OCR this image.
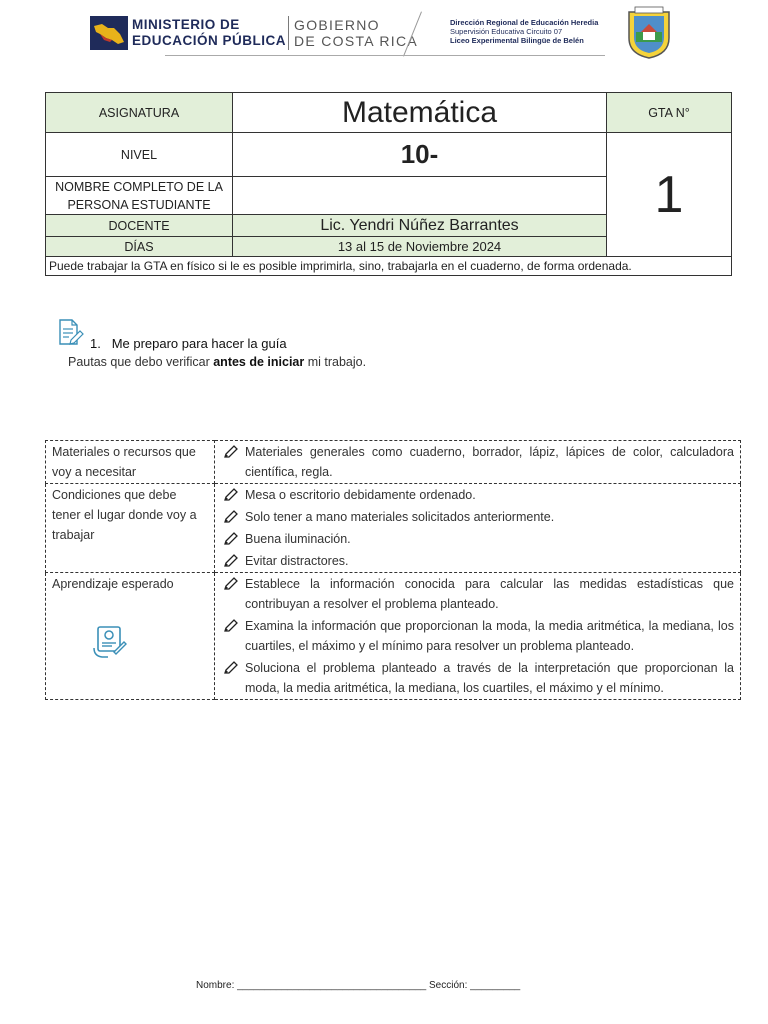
MINISTERIO DE
EDUCACIÓN PÚBLICA
GOBIERNO
DE COSTA RICA
Dirección Regional de Educación Heredia
Supervisión Educativa Circuito 07
Liceo Experimental Bilingüe de Belén
ASIGNATURA	Matemática	GTA N°
NIVEL	10-	1

NOMBRE COMPLETO DE LA
PERSONA ESTUDIANTE		

DOCENTE	Lic. Yendri Núñez Barrantes	
DÍAS	13 al 15 de Noviembre 2024	
Puede trabajar la GTA en físico si le es posible imprimirla, sino, trabajarla en el cuaderno, de forma ordenada.		
1. Me preparo para hacer la guía
Pautas que debo verificar antes de iniciar mi trabajo.
Materiales o recursos que voy a necesitar	Materiales generales como cuaderno, borrador, lápiz, lápices de color, calculadora científica, regla.

Condiciones que debe tener el lugar donde voy a trabajar	Mesa o escritorio debidamente ordenado.
Solo tener a mano materiales solicitados anteriormente.
Buena iluminación.
Evitar distractores.

Aprendizaje esperado	Establece la información conocida para calcular las medidas estadísticas que contribuyan a resolver el problema planteado.
Examina la información que proporcionan la moda, la media aritmética, la mediana, los cuartiles, el máximo y el mínimo para resolver un problema planteado.
Soluciona el problema planteado a través de la interpretación que proporcionan la moda, la media aritmética, la mediana, los cuartiles, el máximo y el mínimo.
Nombre: __________________________________ Sección: _________
